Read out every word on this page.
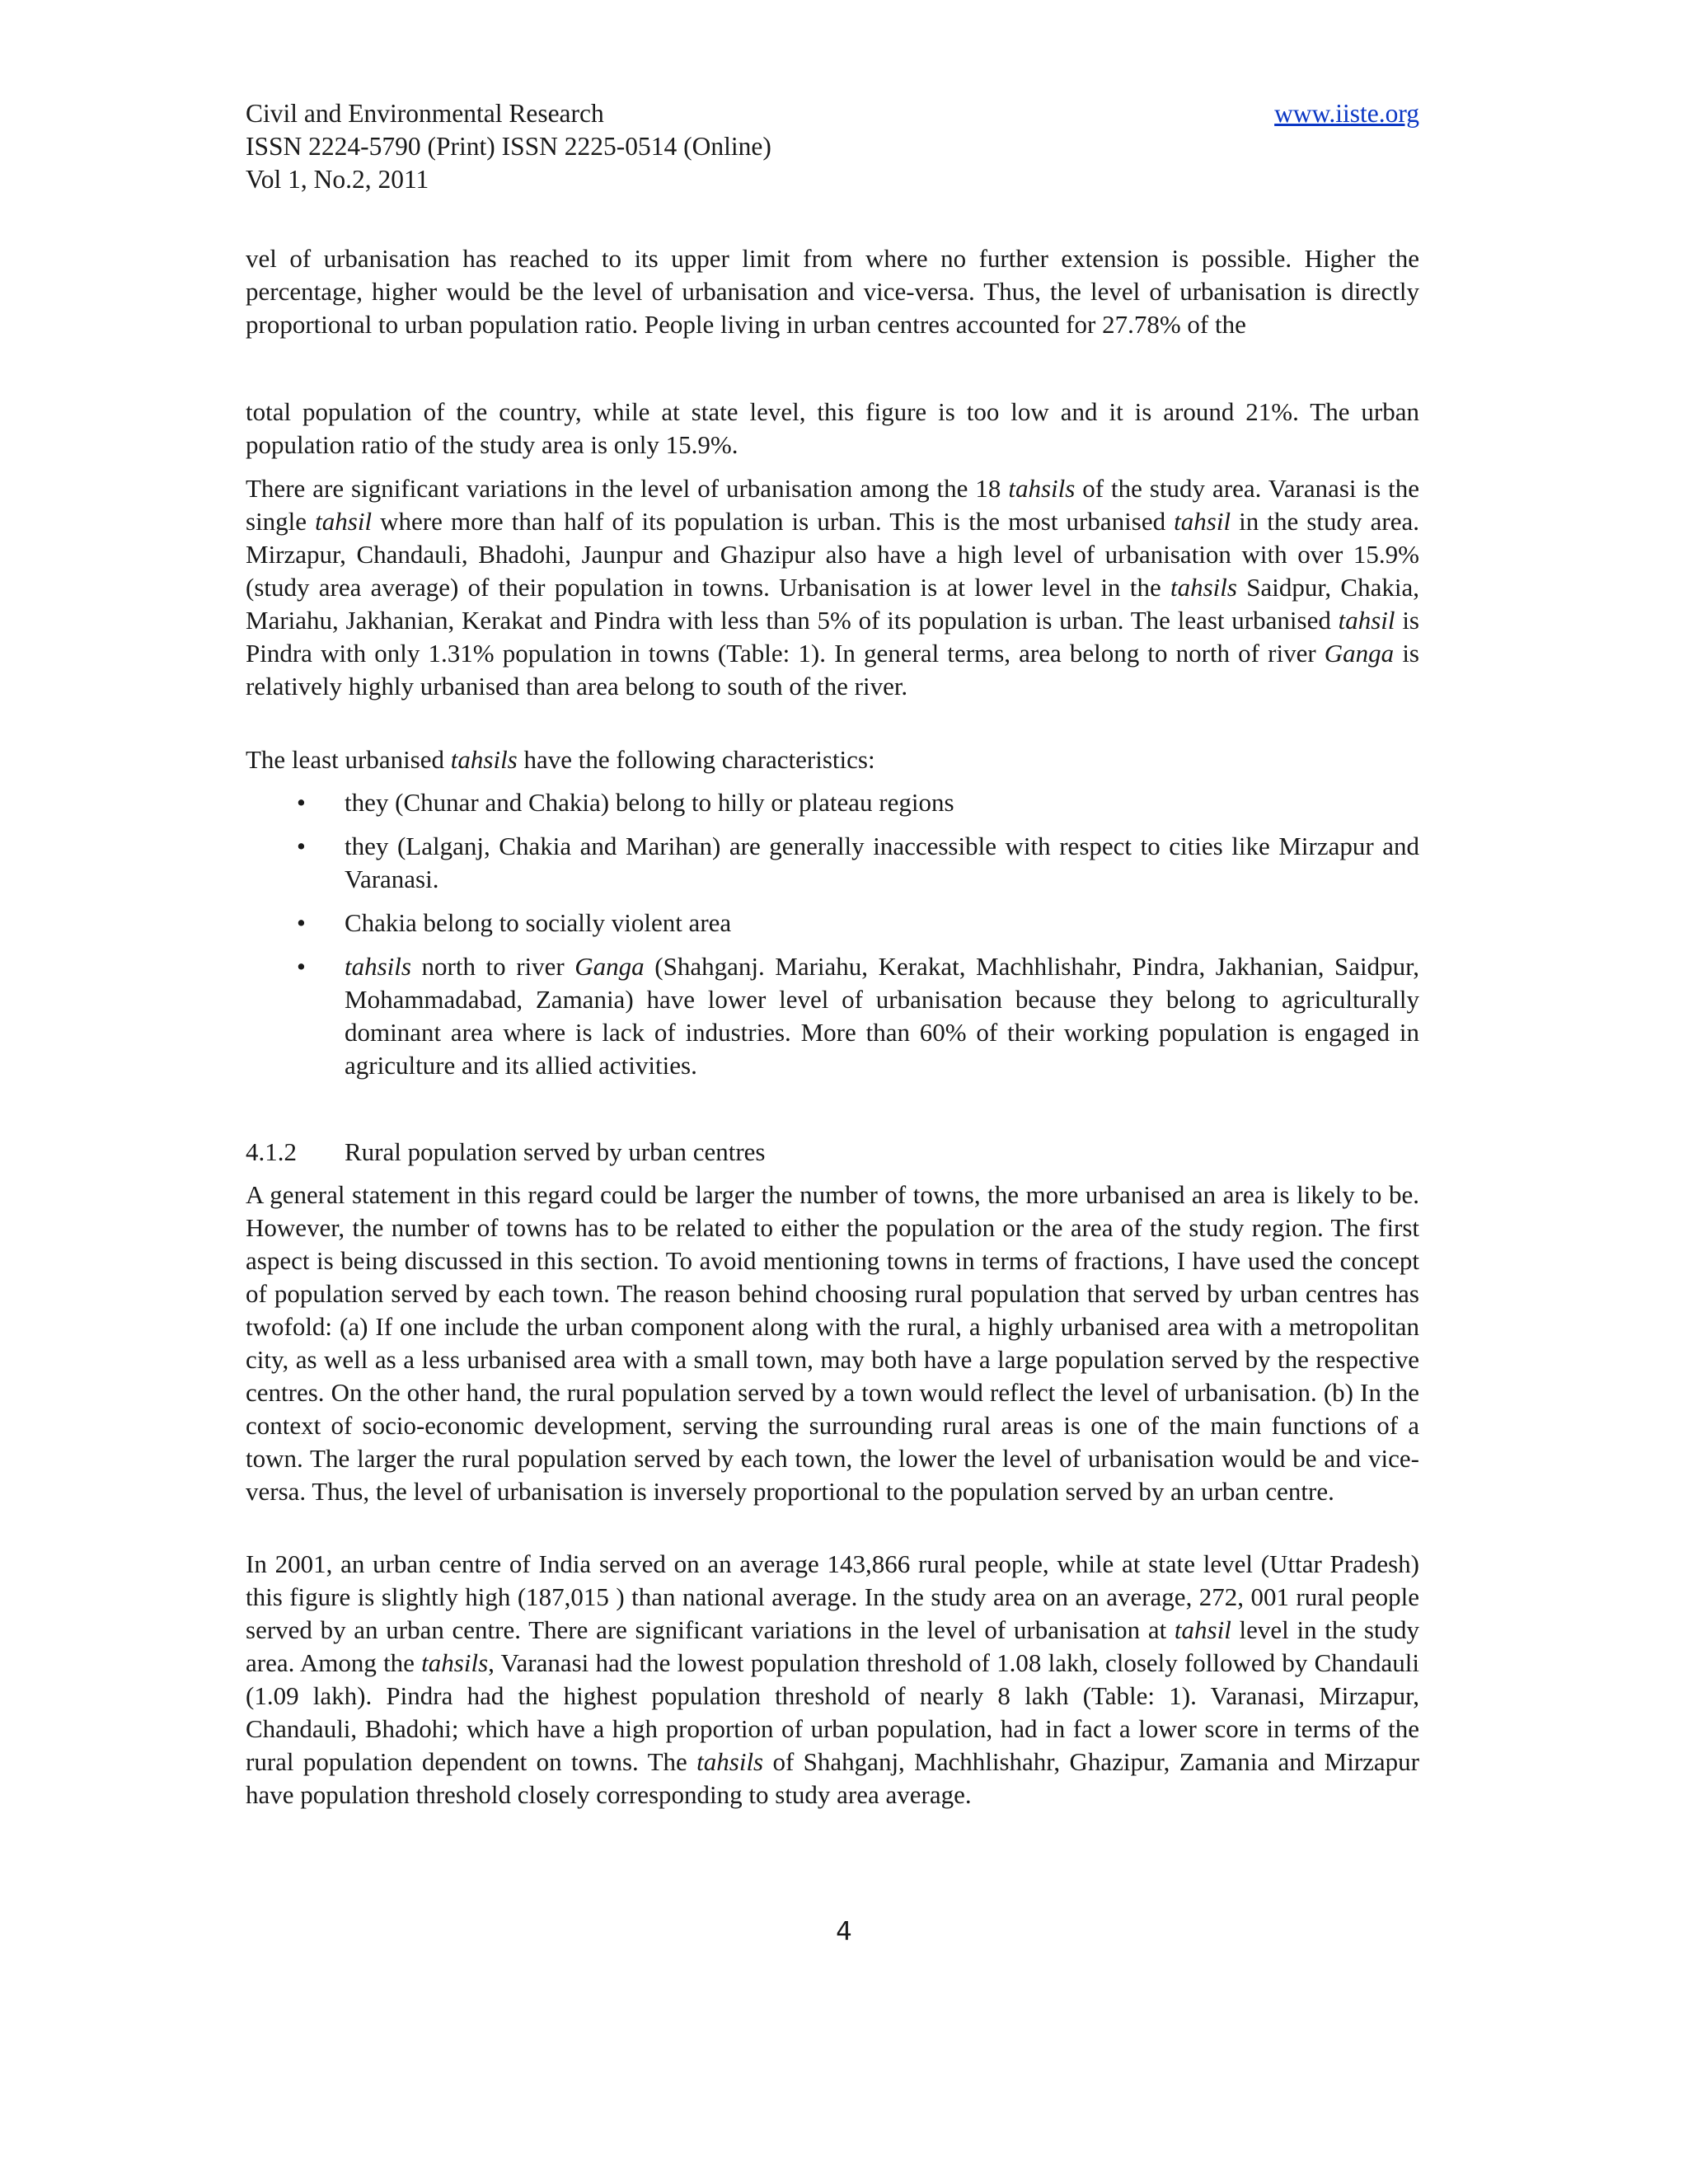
Civil and Environmental Research	www.iiste.org
ISSN 2224-5790 (Print) ISSN 2225-0514 (Online)
Vol 1, No.2, 2011

vel of urbanisation has reached to its upper limit from where no further extension is possible. Higher the percentage, higher would be the level of urbanisation and vice-versa. Thus, the level of urbanisation is directly proportional to urban population ratio. People living in urban centres accounted for 27.78% of the

total population of the country, while at state level, this figure is too low and it is around 21%. The urban population ratio of the study area is only 15.9%.

There are significant variations in the level of urbanisation among the 18 tahsils of the study area. Varanasi is the single tahsil where more than half of its population is urban. This is the most urbanised tahsil in the study area. Mirzapur, Chandauli, Bhadohi, Jaunpur and Ghazipur also have a high level of urbanisation with over 15.9% (study area average) of their population in towns. Urbanisation is at lower level in the tahsils Saidpur, Chakia, Mariahu, Jakhanian, Kerakat and Pindra with less than 5% of its population is urban. The least urbanised tahsil is Pindra with only 1.31% population in towns (Table: 1). In general terms, area belong to north of river Ganga is relatively highly urbanised than area belong to south of the river.

The least urbanised tahsils have the following characteristics:

• they (Chunar and Chakia) belong to hilly or plateau regions
• they (Lalganj, Chakia and Marihan) are generally inaccessible with respect to cities like Mirzapur and Varanasi.
• Chakia belong to socially violent area
• tahsils north to river Ganga (Shahganj. Mariahu, Kerakat, Machhlishahr, Pindra, Jakhanian, Saidpur, Mohammadabad, Zamania) have lower level of urbanisation because they belong to agriculturally dominant area where is lack of industries. More than 60% of their working population is engaged in agriculture and its allied activities.
4.1.2 Rural population served by urban centres

A general statement in this regard could be larger the number of towns, the more urbanised an area is likely to be. However, the number of towns has to be related to either the population or the area of the study region. The first aspect is being discussed in this section. To avoid mentioning towns in terms of fractions, I have used the concept of population served by each town. The reason behind choosing rural population that served by urban centres has twofold: (a) If one include the urban component along with the rural, a highly urbanised area with a metropolitan city, as well as a less urbanised area with a small town, may both have a large population served by the respective centres. On the other hand, the rural population served by a town would reflect the level of urbanisation. (b) In the context of socio-economic development, serving the surrounding rural areas is one of the main functions of a town. The larger the rural population served by each town, the lower the level of urbanisation would be and vice-versa. Thus, the level of urbanisation is inversely proportional to the population served by an urban centre.

In 2001, an urban centre of India served on an average 143,866 rural people, while at state level (Uttar Pradesh) this figure is slightly high (187,015 ) than national average. In the study area on an average, 272, 001 rural people served by an urban centre. There are significant variations in the level of urbanisation at tahsil level in the study area. Among the tahsils, Varanasi had the lowest population threshold of 1.08 lakh, closely followed by Chandauli (1.09 lakh). Pindra had the highest population threshold of nearly 8 lakh (Table: 1). Varanasi, Mirzapur, Chandauli, Bhadohi; which have a high proportion of urban population, had in fact a lower score in terms of the rural population dependent on towns. The tahsils of Shahganj, Machhlishahr, Ghazipur, Zamania and Mirzapur have population threshold closely corresponding to study area average.

4
